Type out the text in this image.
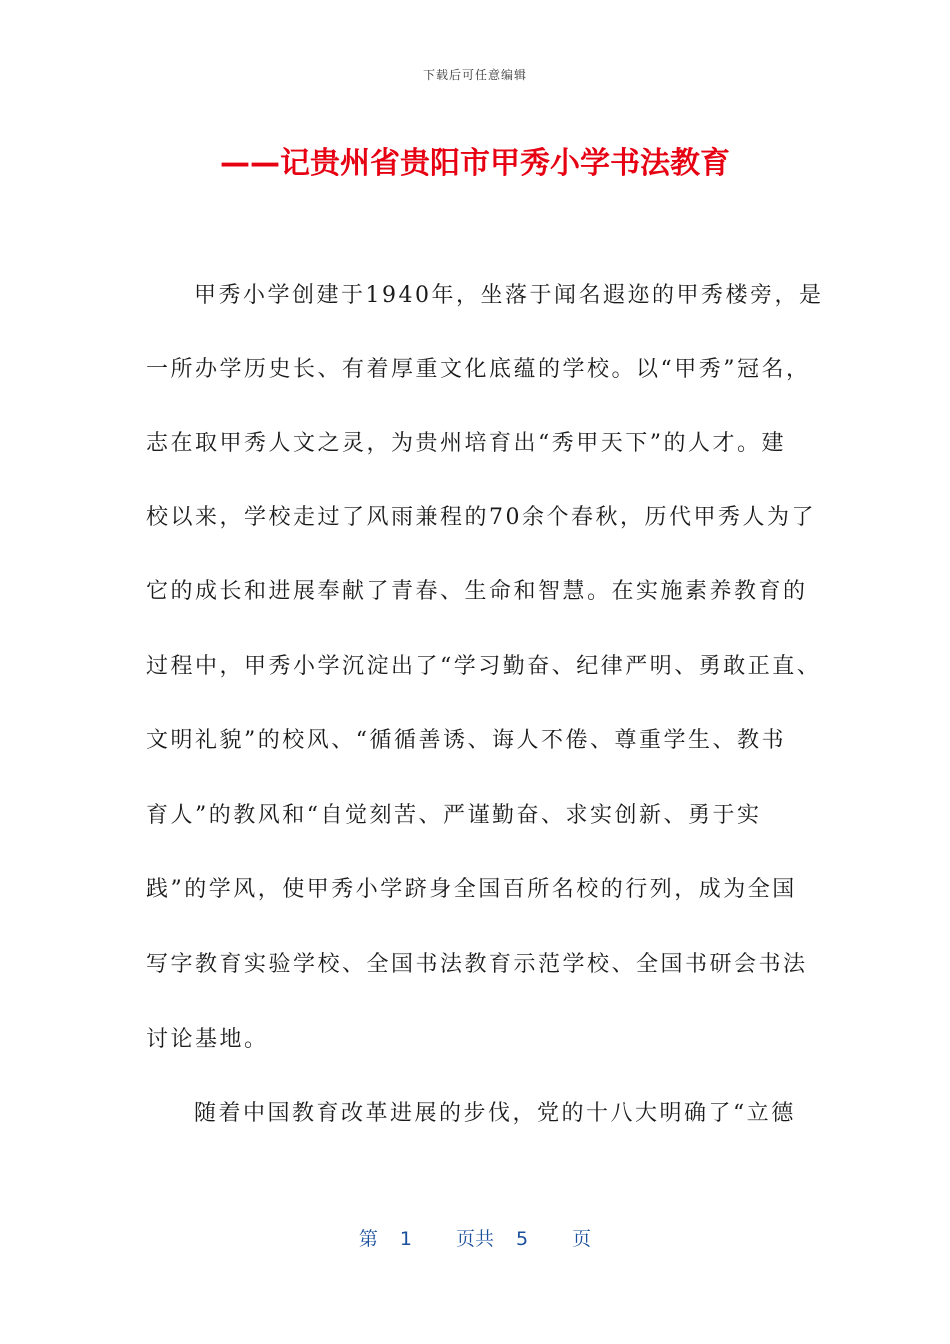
下载后可任意编辑
——记贵州省贵阳市甲秀小学书法教育
甲秀小学创建于1940年，坐落于闻名遐迩的甲秀楼旁，是
一所办学历史长、有着厚重文化底蕴的学校。以“甲秀”冠名，
志在取甲秀人文之灵，为贵州培育出“秀甲天下”的人才。建
校以来，学校走过了风雨兼程的70余个春秋，历代甲秀人为了
它的成长和进展奉献了青春、生命和智慧。在实施素养教育的
过程中，甲秀小学沉淀出了“学习勤奋、纪律严明、勇敢正直、
文明礼貌”的校风、“循循善诱、诲人不倦、尊重学生、教书
育人”的教风和“自觉刻苦、严谨勤奋、求实创新、勇于实
践”的学风，使甲秀小学跻身全国百所名校的行列，成为全国
写字教育实验学校、全国书法教育示范学校、全国书研会书法
讨论基地。
随着中国教育改革进展的步伐，党的十八大明确了“立德
第 1 页共 5 页
